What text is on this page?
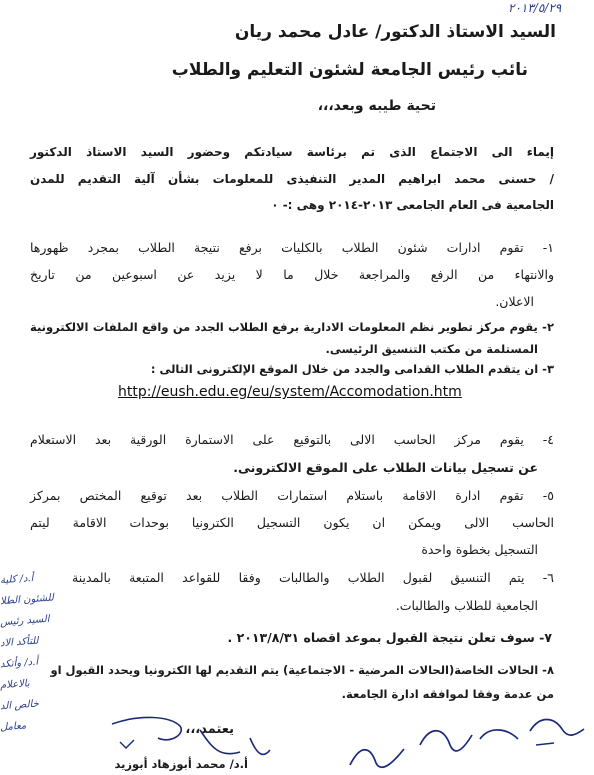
٢٠١٣/٥/٢٩
السيد الاستاذ الدكتور/ عادل محمد ريان
نائب رئيس الجامعة لشئون التعليم والطلاب
تحية طيبه وبعد،،،
إيماء الى الاجتماع الذى تم برئاسة سيادتكم وحضور السيد الاستاذ الدكتور
/ حسنى محمد ابراهيم المدير التنفيذى للمعلومات بشأن آلية التقديم للمدن
الجامعية فى العام الجامعى ٢٠١٣-٢٠١٤ وهى :- ٠
١- تقوم ادارات شئون الطلاب بالكليات برفع نتيجة الطلاب بمجرد ظهورها
والانتهاء من الرفع والمراجعة خلال ما لا يزيد عن اسبوعين من تاريخ
الاعلان.
٢- يقوم مركز تطوير نظم المعلومات الادارية برفع الطلاب الجدد من واقع الملفات الالكترونية
المستلمة من مكتب التنسيق الرئيسى.
٣- ان يتقدم الطلاب القدامى والجدد من خلال الموقع الإلكترونى التالى :
http://eush.edu.eg/eu/system/Accomodation.htm
٤- يقوم مركز الحاسب الالى بالتوقيع على الاستمارة الورقية بعد الاستعلام
عن تسجيل بيانات الطلاب على الموقع الالكترونى.
٥- تقوم ادارة الاقامة باستلام استمارات الطلاب بعد توقيع المختص بمركز
الحاسب الالى ويمكن ان يكون التسجيل الكترونيا بوحدات الاقامة ليتم
التسجيل بخطوة واحدة
٦- يتم التنسيق لقبول الطلاب والطالبات وفقا للقواعد المتبعة بالمدينة
الجامعية للطلاب والطالبات.
٧- سوف تعلن نتيجة القبول بموعد اقصاه ٢٠١٣/٨/٣١ .
٨- الحالات الخاصة(الحالات المرضية - الاجتماعية) يتم التقديم لها الكترونيا ويحدد القبول او
من عدمة وفقا لموافقه ادارة الجامعة.
يعتمد،،،
أ.د/ محمد أبوزهاد أبوزيد
أ.د/ كلية
للشئون الطلا
السيد رئيس
للتأكد الاد
أ.د/ وأتكد
بالاعلام
خالص الد
معامل
